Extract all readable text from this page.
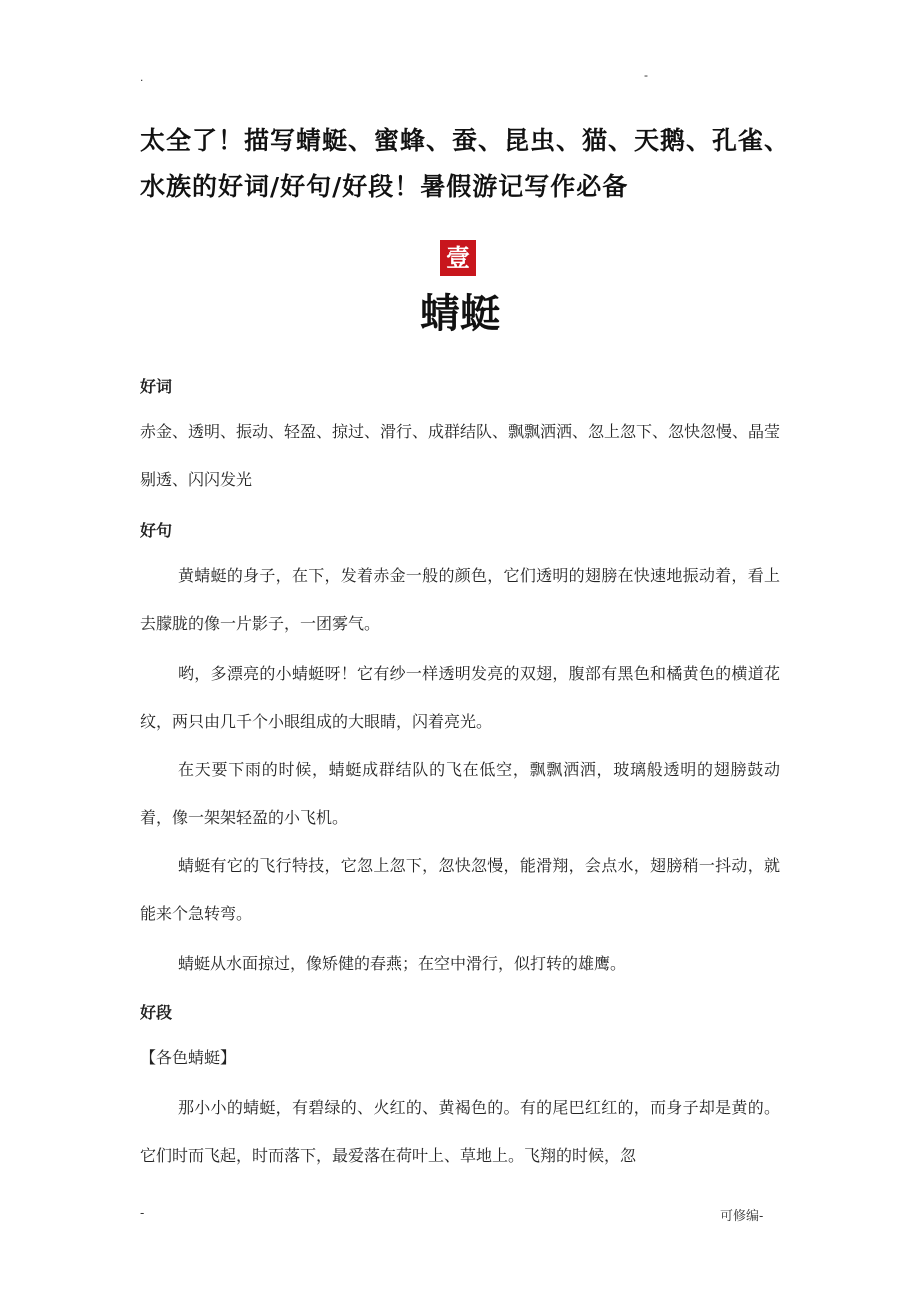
.	-
太全了！描写蜻蜓、蜜蜂、蚕、昆虫、猫、天鹅、孔雀、水族的好词/好句/好段！暑假游记写作必备
壹
蜻蜓
好词

赤金、透明、振动、轻盈、掠过、滑行、成群结队、飘飘洒洒、忽上忽下、忽快忽慢、晶莹剔透、闪闪发光

好句

黄蜻蜓的身子，在下，发着赤金一般的颜色，它们透明的翅膀在快速地振动着，看上去朦胧的像一片影子，一团雾气。

哟，多漂亮的小蜻蜓呀！它有纱一样透明发亮的双翅，腹部有黑色和橘黄色的横道花纹，两只由几千个小眼组成的大眼睛，闪着亮光。

在天要下雨的时候，蜻蜓成群结队的飞在低空，飘飘洒洒，玻璃般透明的翅膀鼓动着，像一架架轻盈的小飞机。

蜻蜓有它的飞行特技，它忽上忽下，忽快忽慢，能滑翔，会点水，翅膀稍一抖动，就能来个急转弯。

蜻蜓从水面掠过，像矫健的春燕；在空中滑行，似打转的雄鹰。

好段

【各色蜻蜓】

那小小的蜻蜓，有碧绿的、火红的、黄褐色的。有的尾巴红红的，而身子却是黄的。它们时而飞起，时而落下，最爱落在荷叶上、草地上。飞翔的时候，忽

-	可修编-
